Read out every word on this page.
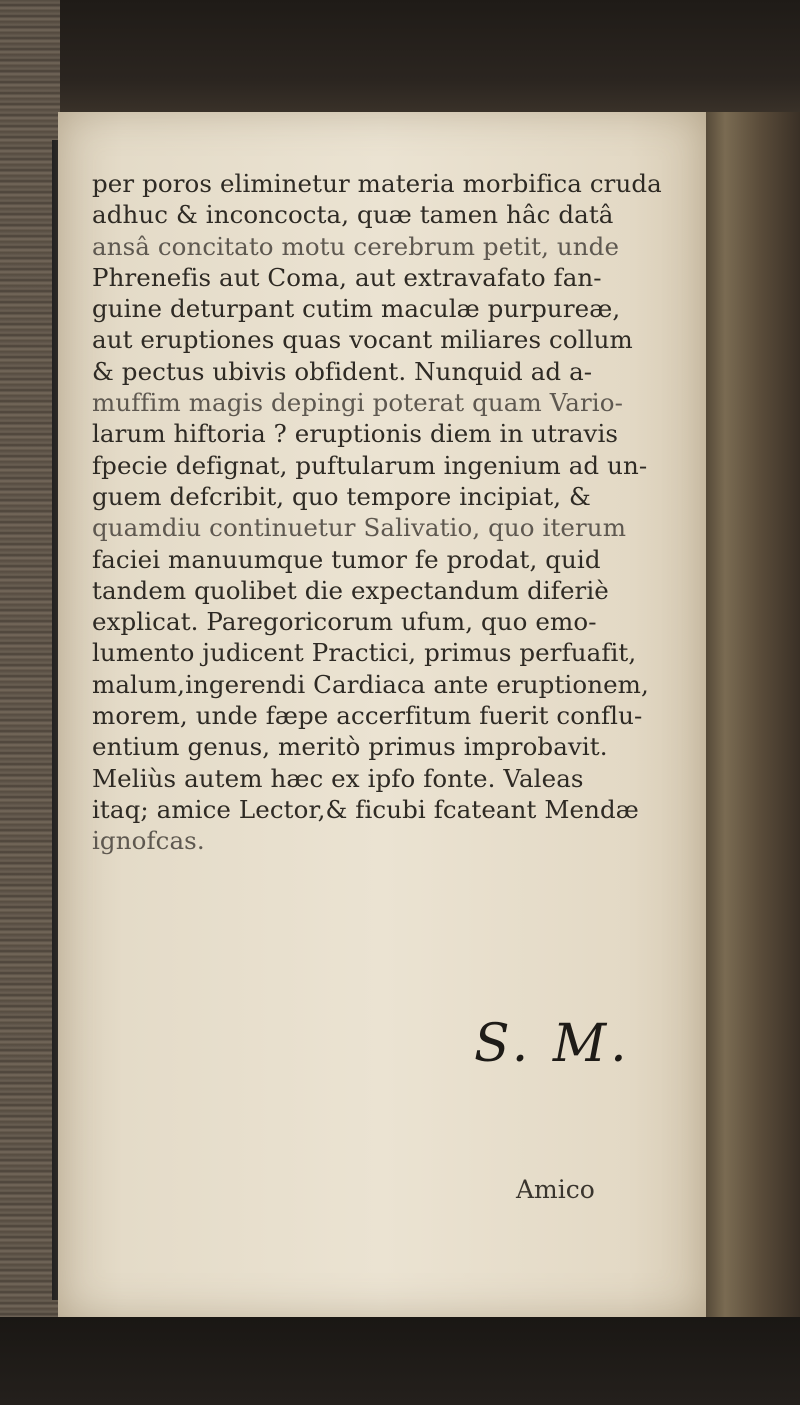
per poros eliminetur materia morbifica cruda
adhuc & inconcocta, quæ tamen hâc datâ
ansâ concitato motu cerebrum petit, unde
Phrenefis aut Coma, aut extravafato fan-
guine deturpant cutim maculæ purpureæ,
aut eruptiones quas vocant miliares collum
& pectus ubivis obfident. Nunquid ad a-
muffim magis depingi poterat quam Vario-
larum hiftoria ? eruptionis diem in utravis
fpecie defignat, puftularum ingenium ad un-
guem defcribit, quo tempore incipiat, &
quamdiu continuetur Salivatio, quo iterum
faciei manuumque tumor fe prodat, quid
tandem quolibet die expectandum diferiè
explicat. Paregoricorum ufum, quo emo-
lumento judicent Practici, primus perfuafit,
malum,ingerendi Cardiaca ante eruptionem,
morem, unde fæpe accerfitum fuerit conflu-
entium genus, meritò primus improbavit.
Meliùs autem hæc ex ipfo fonte. Valeas
itaq; amice Lector,& ficubi fcateant Mendæ
ignofcas.
S. M.
Amico
